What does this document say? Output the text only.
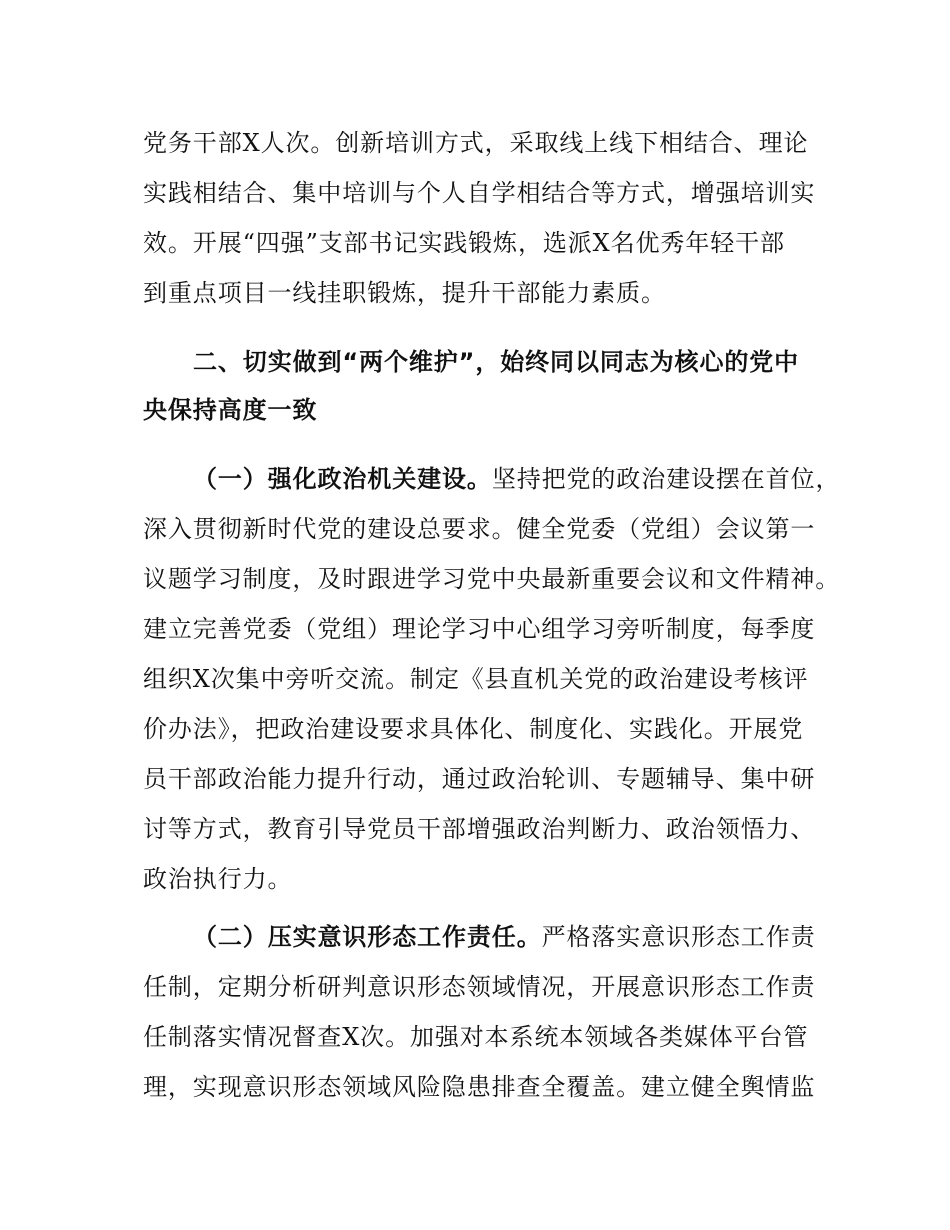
党务干部X人次。创新培训方式，采取线上线下相结合、理论
实践相结合、集中培训与个人自学相结合等方式，增强培训实
效。开展“四强”支部书记实践锻炼，选派X名优秀年轻干部
到重点项目一线挂职锻炼，提升干部能力素质。
二、切实做到“两个维护”，始终同以同志为核心的党中
央保持高度一致
（一）强化政治机关建设。坚持把党的政治建设摆在首位，
深入贯彻新时代党的建设总要求。健全党委（党组）会议第一
议题学习制度，及时跟进学习党中央最新重要会议和文件精神。
建立完善党委（党组）理论学习中心组学习旁听制度，每季度
组织X次集中旁听交流。制定《县直机关党的政治建设考核评
价办法》，把政治建设要求具体化、制度化、实践化。开展党
员干部政治能力提升行动，通过政治轮训、专题辅导、集中研
讨等方式，教育引导党员干部增强政治判断力、政治领悟力、
政治执行力。
（二）压实意识形态工作责任。严格落实意识形态工作责
任制，定期分析研判意识形态领域情况，开展意识形态工作责
任制落实情况督查X次。加强对本系统本领域各类媒体平台管
理，实现意识形态领域风险隐患排查全覆盖。建立健全舆情监
